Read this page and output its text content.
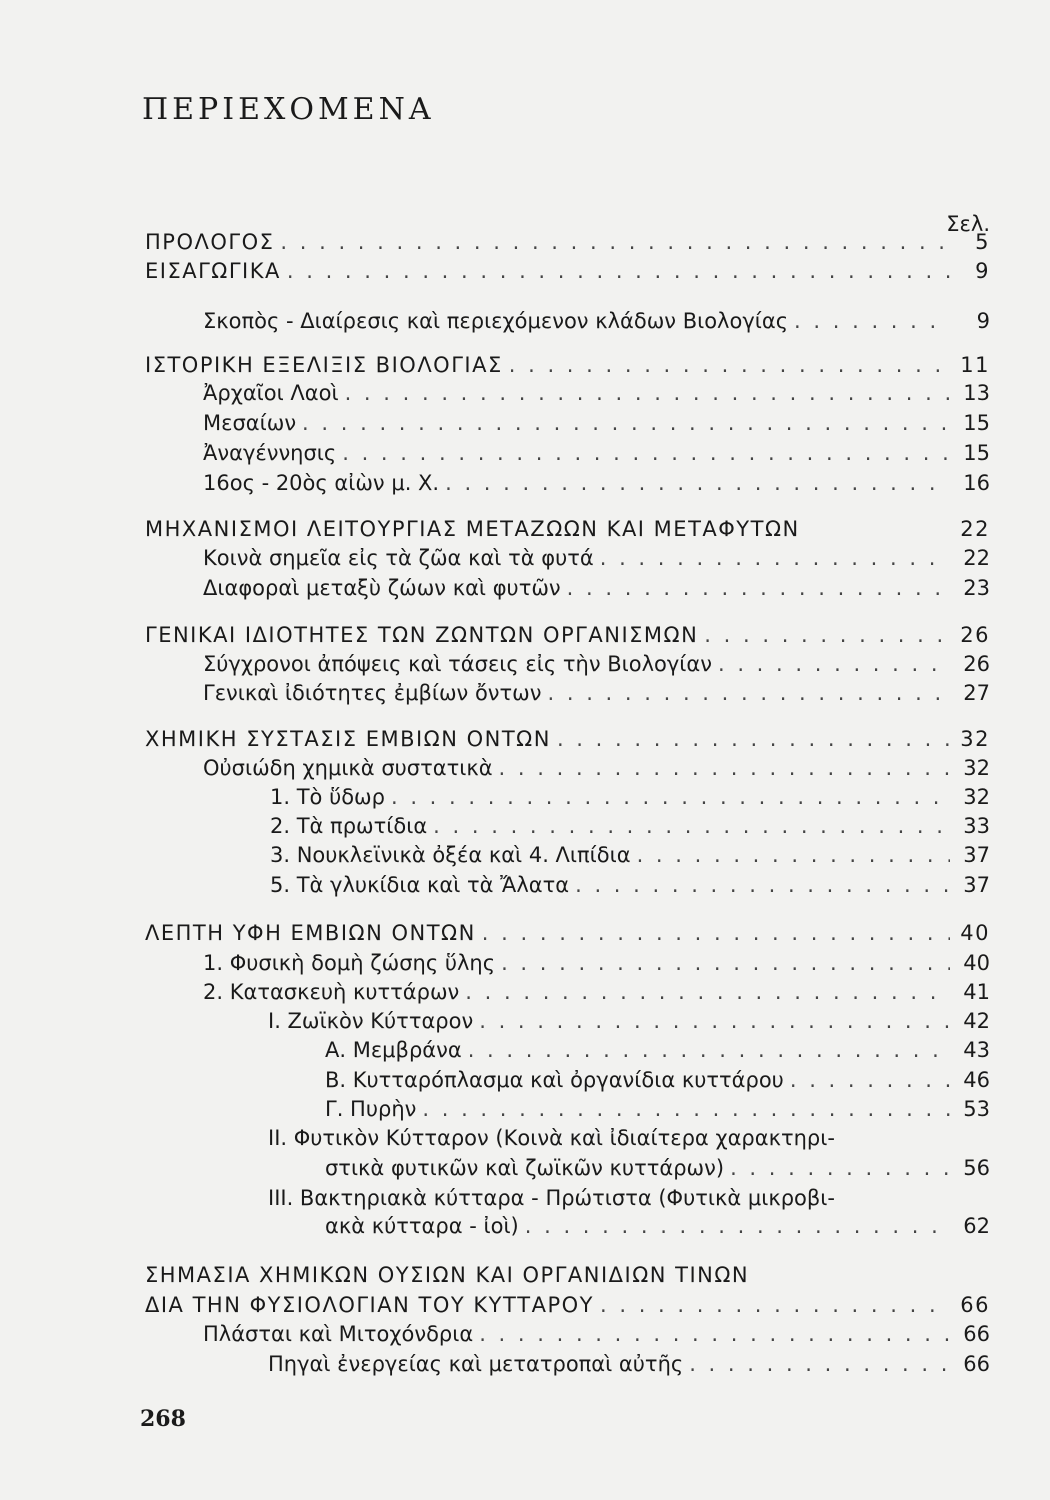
ΠΕΡΙΕΧΟΜΕΝΑ
Σελ.
ΠΡΟΛΟΓΟΣ . . .	5
ΕΙΣΑΓΩΓΙΚΑ . . .	9
Σκοπὸς - Διαίρεσις καὶ περιεχόμενον κλάδων Βιολογίας . . .	9
ΙΣΤΟΡΙΚΗ ΕΞΕΛΙΞΙΣ ΒΙΟΛΟΓΙΑΣ . . .	11
Ἀρχαῖοι Λαοὶ . . .	13
Μεσαίων . . .	15
Ἀναγέννησις . . .	15
16ος - 20ὸς αἰὼν μ. Χ. . . .	16
ΜΗΧΑΝΙΣΜΟΙ ΛΕΙΤΟΥΡΓΙΑΣ ΜΕΤΑΖΩΩΝ ΚΑΙ ΜΕΤΑΦΥΤΩΝ	22
Κοινὰ σημεῖα εἰς τὰ ζῶα καὶ τὰ φυτά . . .	22
Διαφοραὶ μεταξὺ ζώων καὶ φυτῶν . . .	23
ΓΕΝΙΚΑΙ ΙΔΙΟΤΗΤΕΣ ΤΩΝ ΖΩΝΤΩΝ ΟΡΓΑΝΙΣΜΩΝ . . .	26
Σύγχρονοι ἀπόψεις καὶ τάσεις εἰς τὴν Βιολογίαν . . .	26
Γενικαὶ ἰδιότητες ἐμβίων ὄντων . . .	27
ΧΗΜΙΚΗ ΣΥΣΤΑΣΙΣ ΕΜΒΙΩΝ ΟΝΤΩΝ . . .	32
Οὐσιώδη χημικὰ συστατικὰ . . .	32
1. Τὸ ὕδωρ . . .	32
2. Τὰ πρωτίδια . . .	33
3. Νουκλεϊνικὰ ὀξέα καὶ 4. Λιπίδια . . .	37
5. Τὰ γλυκίδια καὶ τὰ Ἄλατα . . .	37
ΛΕΠΤΗ ΥΦΗ ΕΜΒΙΩΝ ΟΝΤΩΝ . . .	40
1. Φυσικὴ δομὴ ζώσης ὕλης . . .	40
2. Κατασκευὴ κυττάρων . . .	41
I. Ζωϊκὸν Κύτταρον . . .	42
Α. Μεμβράνα . . .	43
Β. Κυτταρόπλασμα καὶ ὀργανίδια κυττάρου . . .	46
Γ. Πυρὴν . . .	53
II. Φυτικὸν Κύτταρον (Κοινὰ καὶ ἰδιαίτερα χαρακτηρι-
στικὰ φυτικῶν καὶ ζωϊκῶν κυττάρων) . . .	56
III. Βακτηριακὰ κύτταρα - Πρώτιστα (Φυτικὰ μικροβι-
ακὰ κύτταρα - ἰοὶ) . . .	62
ΣΗΜΑΣΙΑ ΧΗΜΙΚΩΝ ΟΥΣΙΩΝ ΚΑΙ ΟΡΓΑΝΙΔΙΩΝ ΤΙΝΩΝ
ΔΙΑ ΤΗΝ ΦΥΣΙΟΛΟΓΙΑΝ ΤΟΥ ΚΥΤΤΑΡΟΥ . . .	66
Πλάσται καὶ Μιτοχόνδρια . . .	66
Πηγαὶ ἐνεργείας καὶ μετατροπαὶ αὐτῆς . . .	66
268
